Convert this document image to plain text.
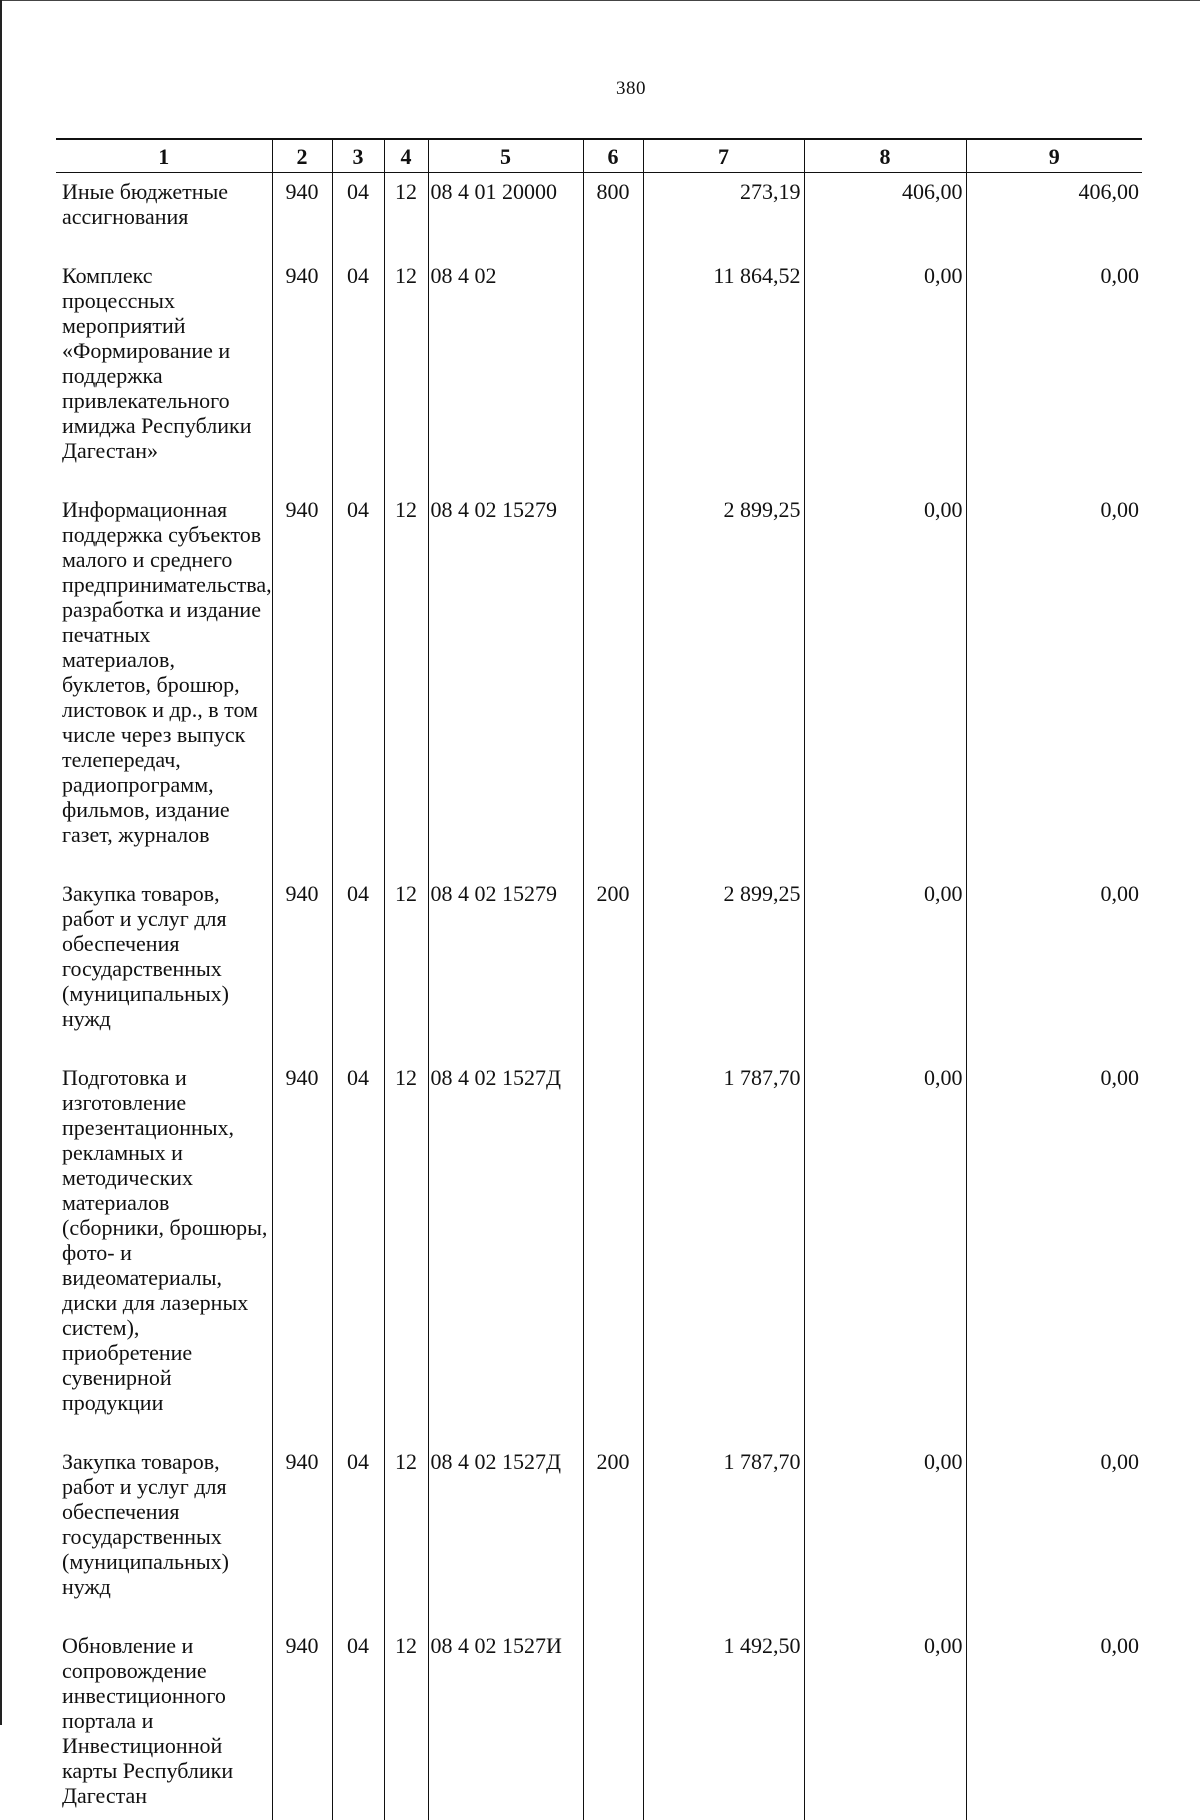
380
1	2	3	4	5	6	7	8	9
Иные бюджетные ассигнования	940	04	12	08 4 01 20000	800	273,19	406,00	406,00
Комплекс процессных мероприятий «Формирование и поддержка привлекательного имиджа Республики Дагестан»	940	04	12	08 4 02		11 864,52	0,00	0,00
Информационная поддержка субъектов малого и среднего предпринимательства, разработка и издание печатных материалов, буклетов, брошюр, листовок и др., в том числе через выпуск телепередач, радиопрограмм, фильмов, издание газет, журналов	940	04	12	08 4 02 15279		2 899,25	0,00	0,00
Закупка товаров, работ и услуг для обеспечения государственных (муниципальных) нужд	940	04	12	08 4 02 15279	200	2 899,25	0,00	0,00
Подготовка и изготовление презентационных, рекламных и методических материалов (сборники, брошюры, фото- и видеоматериалы, диски для лазерных систем), приобретение сувенирной продукции	940	04	12	08 4 02 1527Д		1 787,70	0,00	0,00
Закупка товаров, работ и услуг для обеспечения государственных (муниципальных) нужд	940	04	12	08 4 02 1527Д	200	1 787,70	0,00	0,00
Обновление и сопровождение инвестиционного портала и Инвестиционной карты Республики Дагестан	940	04	12	08 4 02 1527И		1 492,50	0,00	0,00
